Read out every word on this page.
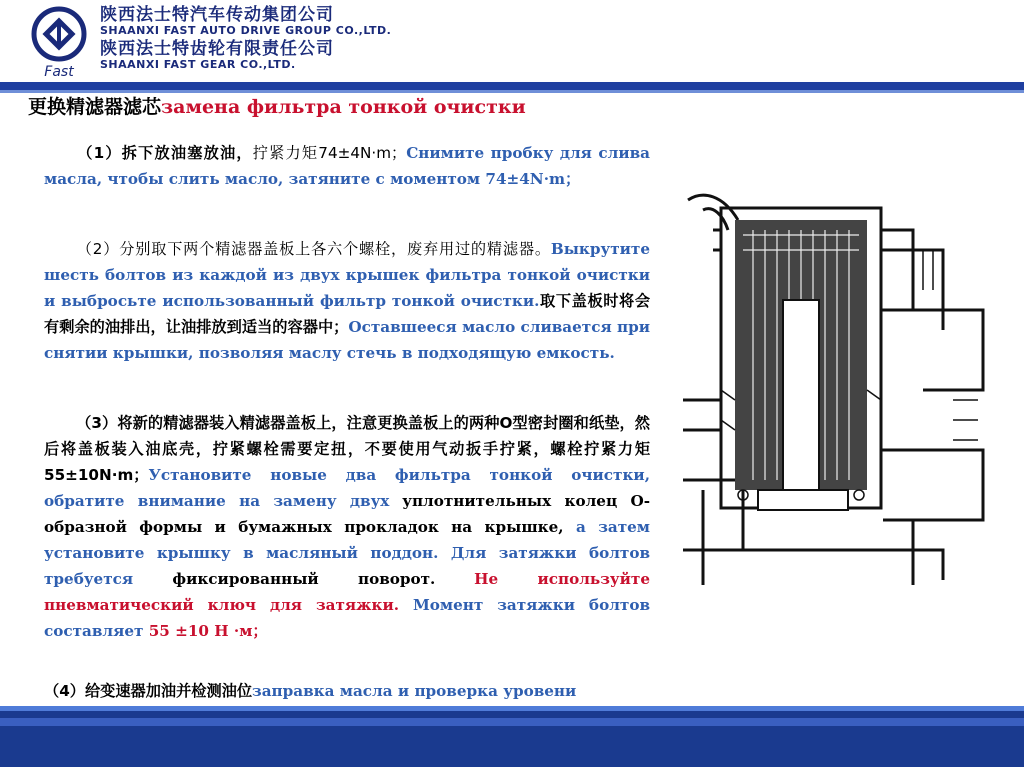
Fast
陕西法士特汽车传动集团公司
SHAANXI FAST AUTO DRIVE GROUP CO.,LTD.
陕西法士特齿轮有限责任公司
SHAANXI FAST GEAR CO.,LTD.
更换精滤器滤芯замена фильтра тонкой очистки
（1）拆下放油塞放油，拧紧力矩74±4N·m；Снимите пробку для слива масла, чтобы слить масло, затяните с моментом 74±4N·m；
（2）分别取下两个精滤器盖板上各六个螺栓，废弃用过的精滤器。Выкрутите шесть болтов из каждой из двух крышек фильтра тонкой очистки и выбросьте использованный фильтр тонкой очистки.取下盖板时将会有剩余的油排出，让油排放到适当的容器中；Оставшееся масло сливается при снятии крышки, позволяя маслу стечь в подходящую емкость.
（3）将新的精滤器装入精滤器盖板上，注意更换盖板上的两种O型密封圈和纸垫，然后将盖板装入油底壳，拧紧螺栓需要定扭，不要使用气动扳手拧紧，螺栓拧紧力矩55±10N·m；Установите новые два фильтра тонкой очистки, обратите внимание на замену двух уплотнительных колец О-образной формы и бумажных прокладок на крышке, а затем установите крышку в масляный поддон. Для затяжки болтов требуется фиксированный поворот.	Не используйте пневматический ключ для затяжки. Момент затяжки болтов составляет 55 ±10 Н ·м；
（4）给变速器加油并检测油位заправка масла и проверка уровени
